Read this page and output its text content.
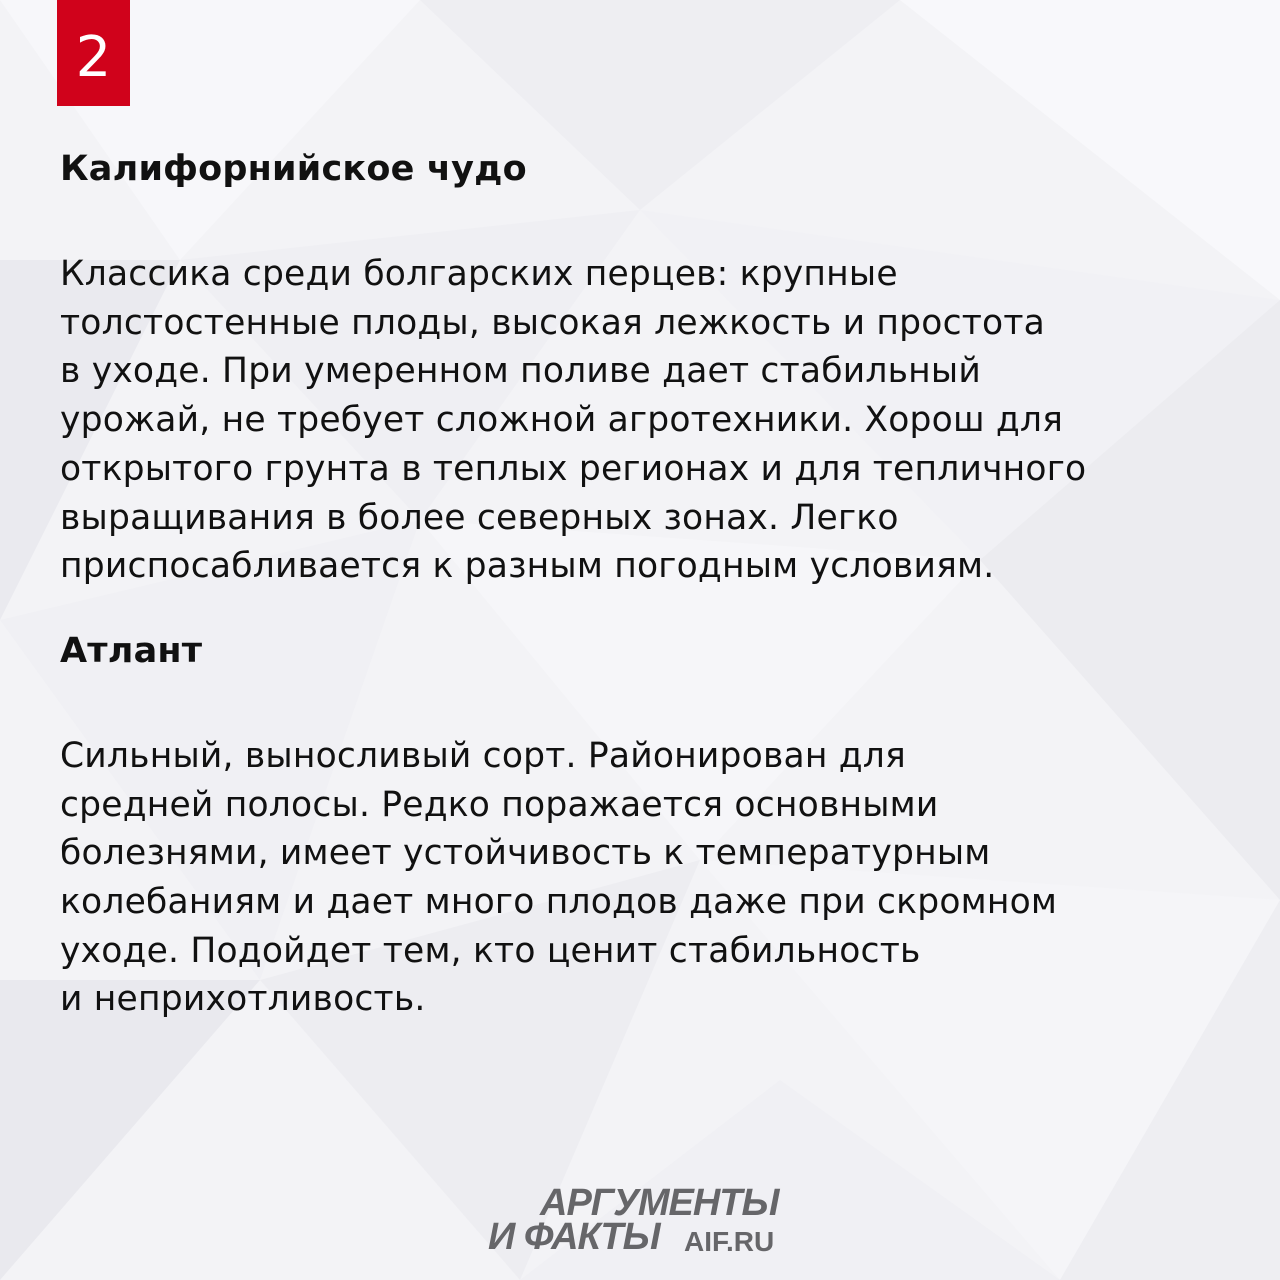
2
Калифорнийское чудо
Классика среди болгарских перцев: крупные
толстостенные плоды, высокая лежкость и простота
в уходе. При умеренном поливе дает стабильный
урожай, не требует сложной агротехники. Хорош для
открытого грунта в теплых регионах и для тепличного
выращивания в более северных зонах. Легко
приспосабливается к разным погодным условиям.
Атлант
Сильный, выносливый сорт. Районирован для
средней полосы. Редко поражается основными
болезнями, имеет устойчивость к температурным
колебаниям и дает много плодов даже при скромном
уходе. Подойдет тем, кто ценит стабильность
и неприхотливость.
АРГУМЕНТЫ
И ФАКТЫ AIF.RU
